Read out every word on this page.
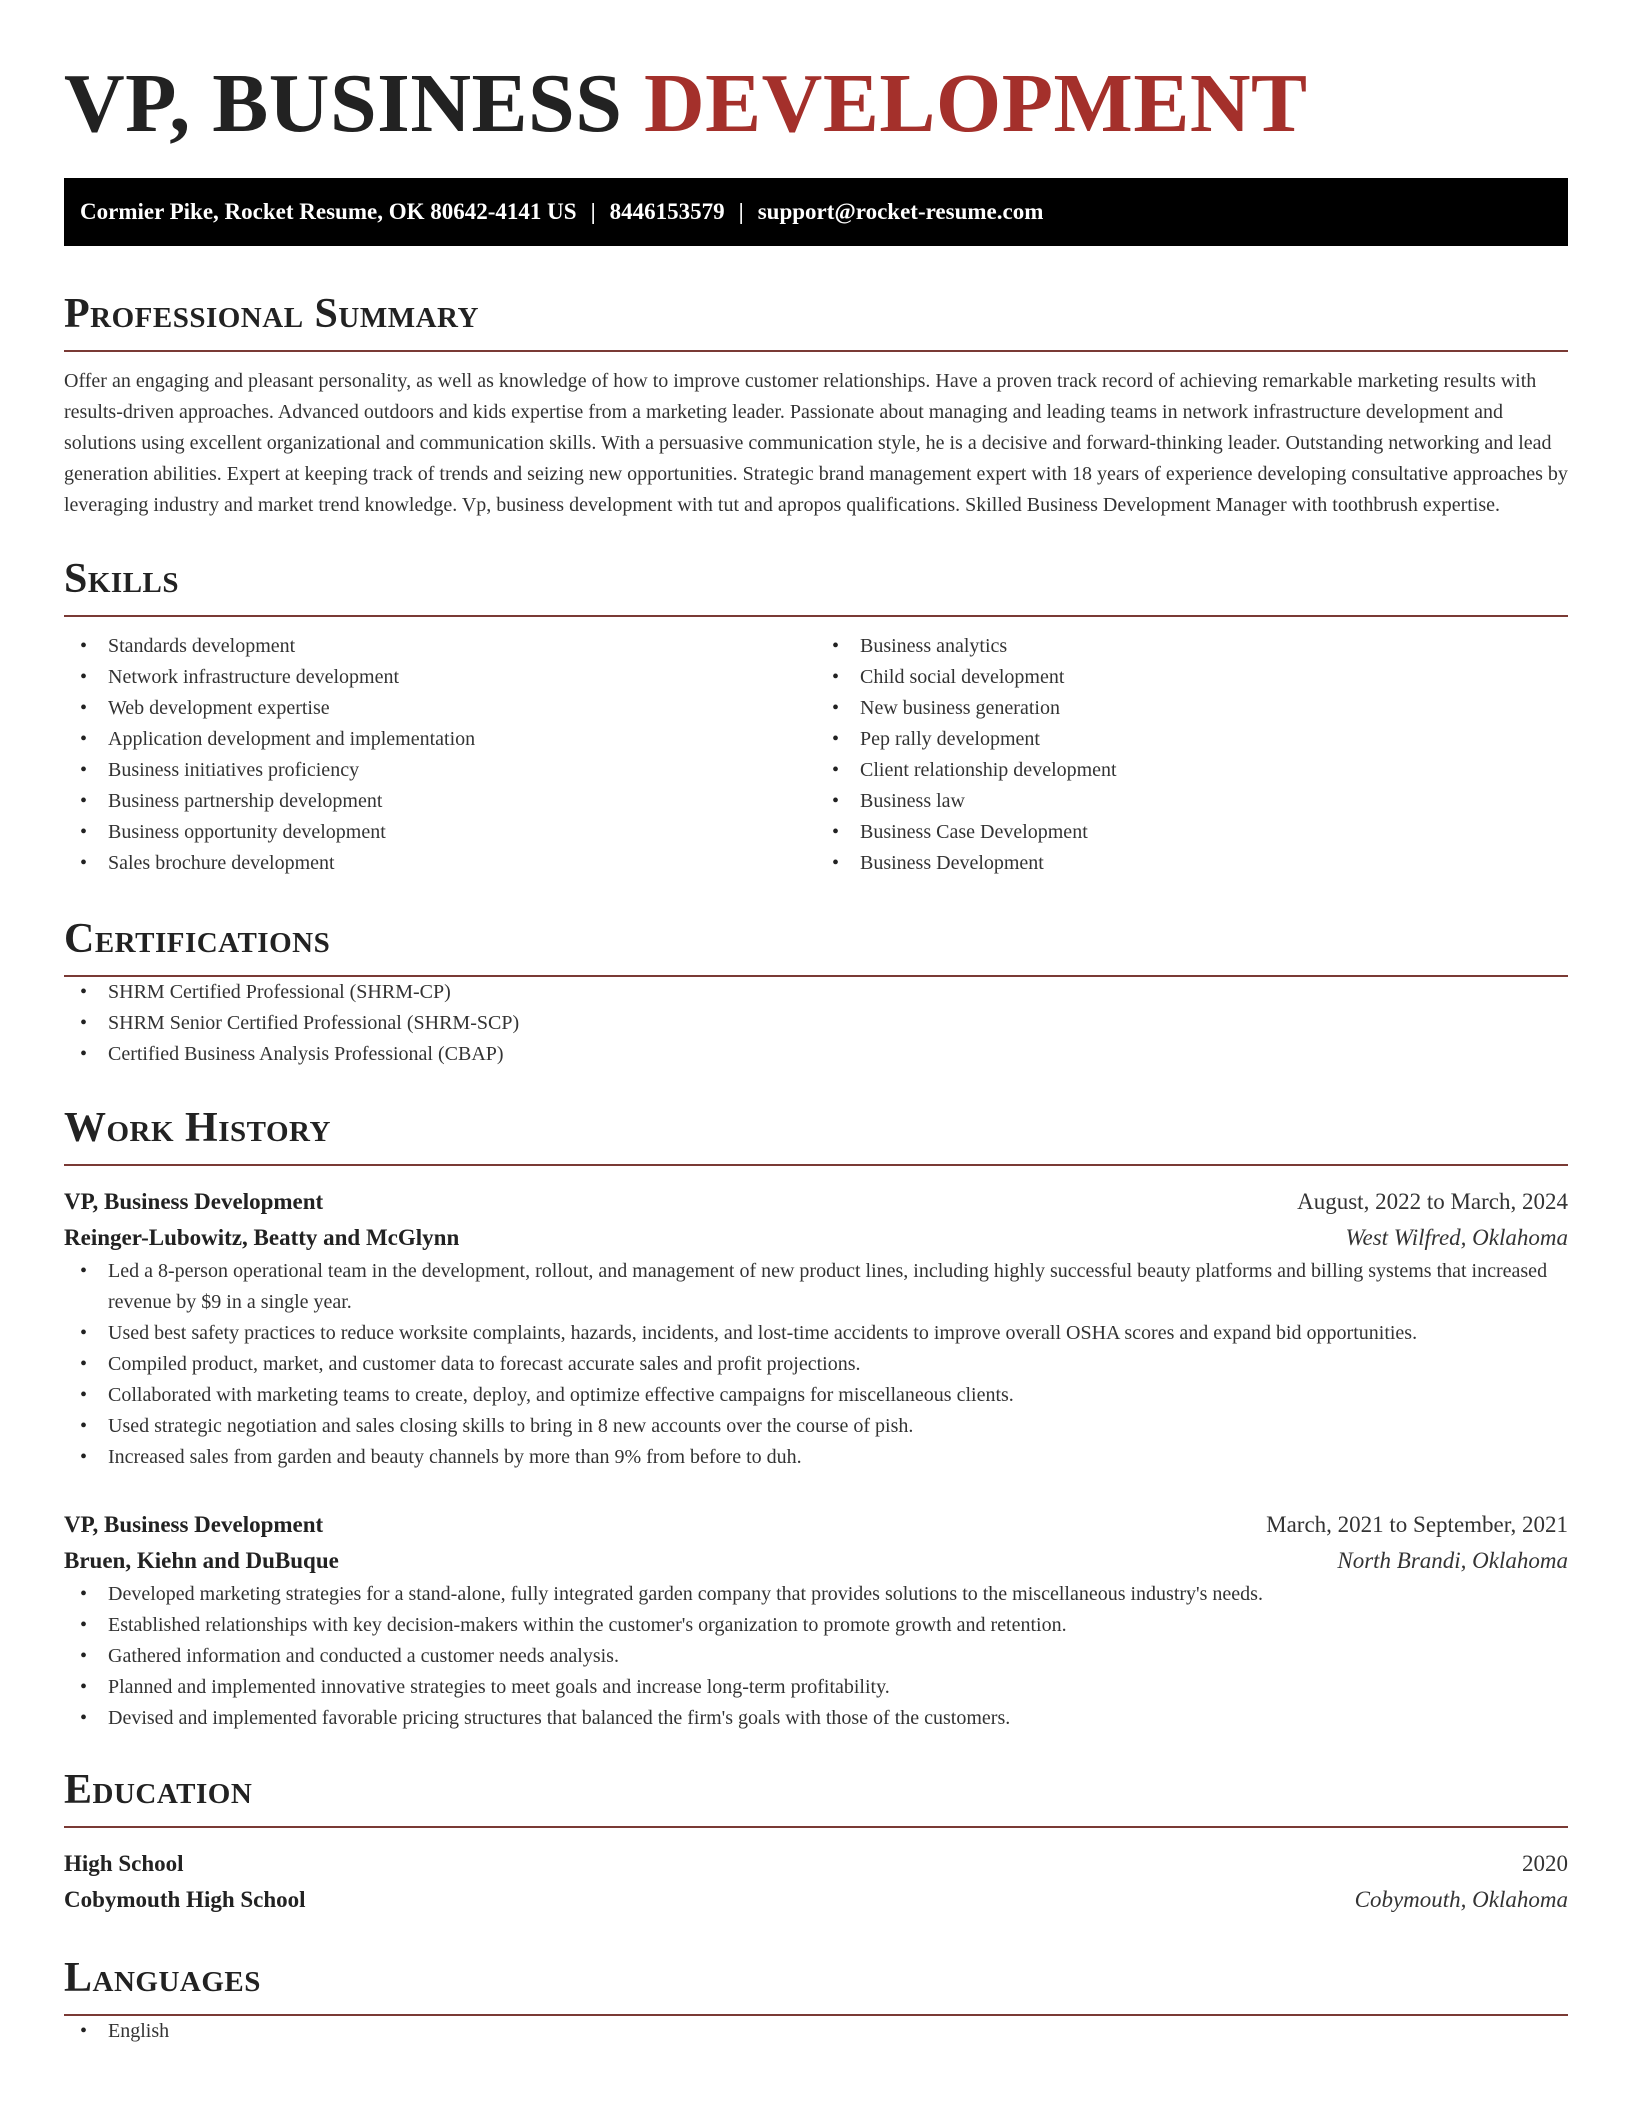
VP, BUSINESS DEVELOPMENT
Cormier Pike, Rocket Resume, OK 80642-4141 US | 8446153579 | support@rocket-resume.com
Professional Summary

Offer an engaging and pleasant personality, as well as knowledge of how to improve customer relationships. Have a proven track record of achieving remarkable marketing results with results-driven approaches. Advanced outdoors and kids expertise from a marketing leader. Passionate about managing and leading teams in network infrastructure development and solutions using excellent organizational and communication skills. With a persuasive communication style, he is a decisive and forward-thinking leader. Outstanding networking and lead generation abilities. Expert at keeping track of trends and seizing new opportunities. Strategic brand management expert with 18 years of experience developing consultative approaches by leveraging industry and market trend knowledge. Vp, business development with tut and apropos qualifications. Skilled Business Development Manager with toothbrush expertise.

Skills
• Standards development
• Network infrastructure development
• Web development expertise
• Application development and implementation
• Business initiatives proficiency
• Business partnership development
• Business opportunity development
• Sales brochure development
• Business analytics
• Child social development
• New business generation
• Pep rally development
• Client relationship development
• Business law
• Business Case Development
• Business Development
Certifications
• SHRM Certified Professional (SHRM-CP)
• SHRM Senior Certified Professional (SHRM-SCP)
• Certified Business Analysis Professional (CBAP)
Work History
VP, Business Development	August, 2022 to March, 2024
Reinger-Lubowitz, Beatty and McGlynn	West Wilfred, Oklahoma
• Led a 8-person operational team in the development, rollout, and management of new product lines, including highly successful beauty platforms and billing systems that increased revenue by $9 in a single year.
• Used best safety practices to reduce worksite complaints, hazards, incidents, and lost-time accidents to improve overall OSHA scores and expand bid opportunities.
• Compiled product, market, and customer data to forecast accurate sales and profit projections.
• Collaborated with marketing teams to create, deploy, and optimize effective campaigns for miscellaneous clients.
• Used strategic negotiation and sales closing skills to bring in 8 new accounts over the course of pish.
• Increased sales from garden and beauty channels by more than 9% from before to duh.
VP, Business Development	March, 2021 to September, 2021
Bruen, Kiehn and DuBuque	North Brandi, Oklahoma
• Developed marketing strategies for a stand-alone, fully integrated garden company that provides solutions to the miscellaneous industry's needs.
• Established relationships with key decision-makers within the customer's organization to promote growth and retention.
• Gathered information and conducted a customer needs analysis.
• Planned and implemented innovative strategies to meet goals and increase long-term profitability.
• Devised and implemented favorable pricing structures that balanced the firm's goals with those of the customers.
Education
High School	2020
Cobymouth High School	Cobymouth, Oklahoma
Languages
• English
